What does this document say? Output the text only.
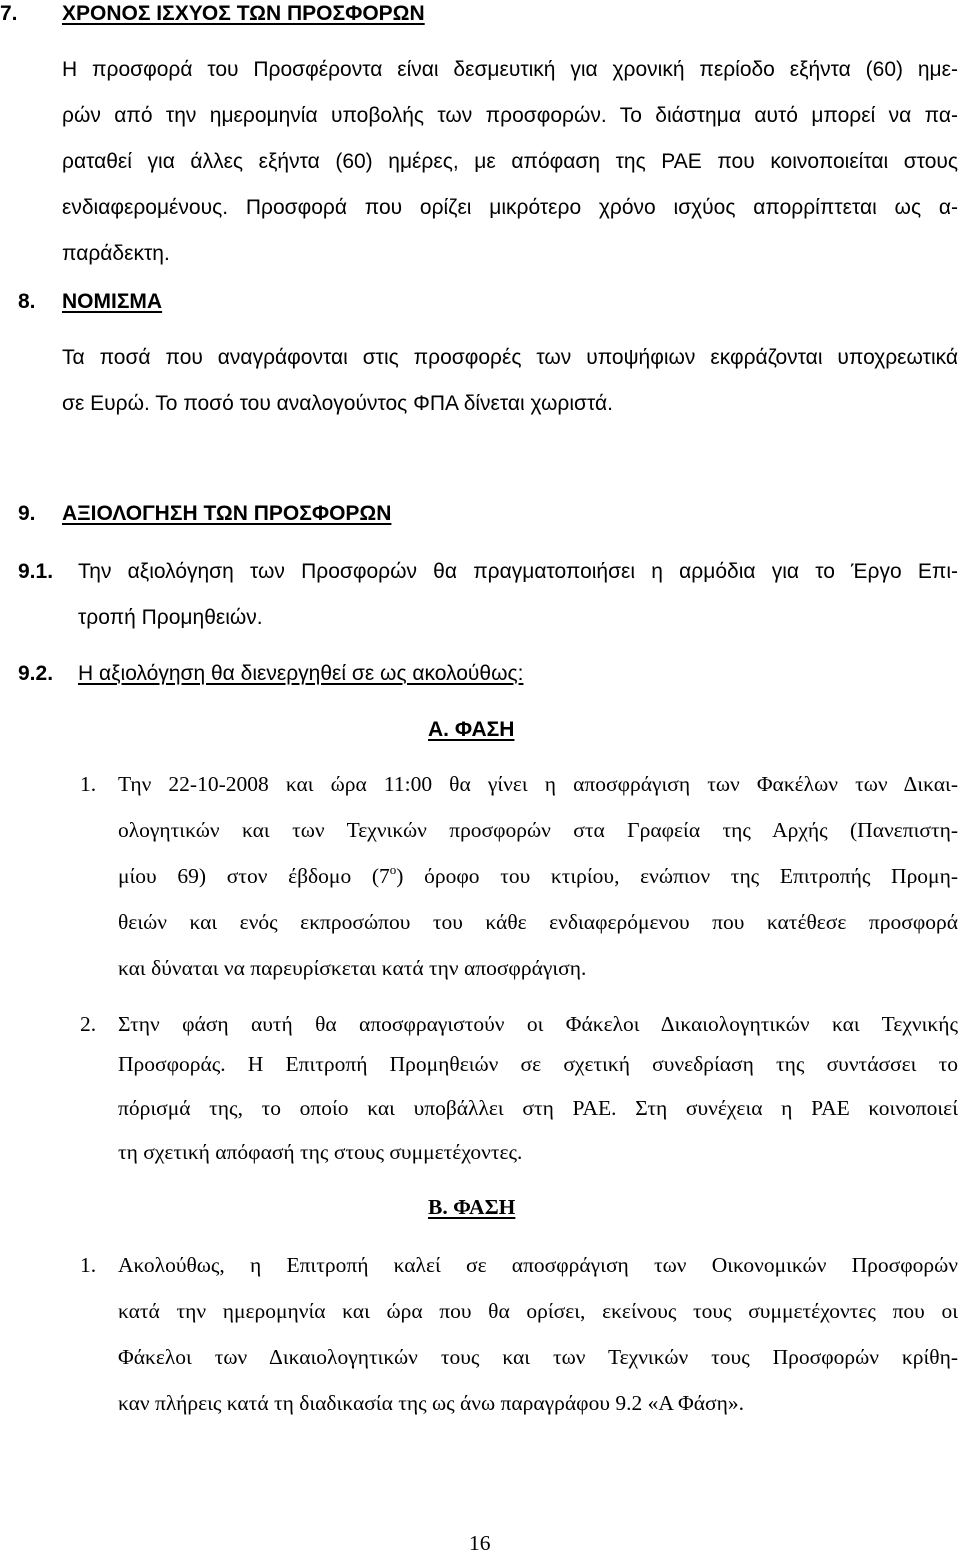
7. ΧΡΟΝΟΣ ΙΣΧΥΟΣ ΤΩΝ ΠΡΟΣΦΟΡΩΝ
Η προσφορά του Προσφέροντα είναι δεσμευτική για χρονική περίοδο εξήντα (60) ημε-
ρών από την ημερομηνία υποβολής των προσφορών. Το διάστημα αυτό μπορεί να πα-
ραταθεί για άλλες εξήντα (60) ημέρες, με απόφαση της ΡΑΕ που κοινοποιείται στους
ενδιαφερομένους. Προσφορά που ορίζει μικρότερο χρόνο ισχύος απορρίπτεται ως α-
παράδεκτη.
8. ΝΟΜΙΣΜΑ
Τα ποσά που αναγράφονται στις προσφορές των υποψήφιων εκφράζονται υποχρεωτικά
σε Ευρώ. Το ποσό του αναλογούντος ΦΠΑ δίνεται χωριστά.
9. ΑΞΙΟΛΟΓΗΣΗ ΤΩΝ ΠΡΟΣΦΟΡΩΝ
9.1. Την αξιολόγηση των Προσφορών θα πραγματοποιήσει η αρμόδια για το Έργο Επι-
τροπή Προμηθειών.
9.2. Η αξιολόγηση θα διενεργηθεί σε ως ακολούθως:
Α. ΦΑΣΗ
1. Την 22-10-2008 και ώρα 11:00 θα γίνει η αποσφράγιση των Φακέλων των Δικαι-
ολογητικών και των Τεχνικών προσφορών στα Γραφεία της Αρχής (Πανεπιστη-
μίου 69) στον έβδομο $(7^o)$ όροφο του κτιρίου, ενώπιον της Επιτροπής Προμη-
θειών και ενός εκπροσώπου του κάθε ενδιαφερόμενου που κατέθεσε προσφορά
και δύναται να παρευρίσκεται κατά την αποσφράγιση.
2. Στην φάση αυτή θα αποσφραγιστούν οι Φάκελοι Δικαιολογητικών και Τεχνικής
Προσφοράς. Η Επιτροπή Προμηθειών σε σχετική συνεδρίαση της συντάσσει το
πόρισμά της, το οποίο και υποβάλλει στη ΡΑΕ. Στη συνέχεια η ΡΑΕ κοινοποιεί
τη σχετική απόφασή της στους συμμετέχοντες.
Β. ΦΑΣΗ
1. Ακολούθως, η Επιτροπή καλεί σε αποσφράγιση των Οικονομικών Προσφορών
κατά την ημερομηνία και ώρα που θα ορίσει, εκείνους τους συμμετέχοντες που οι
Φάκελοι των Δικαιολογητικών τους και των Τεχνικών τους Προσφορών κρίθη-
καν πλήρεις κατά τη διαδικασία της ως άνω παραγράφου 9.2 «Α Φάση».
16
